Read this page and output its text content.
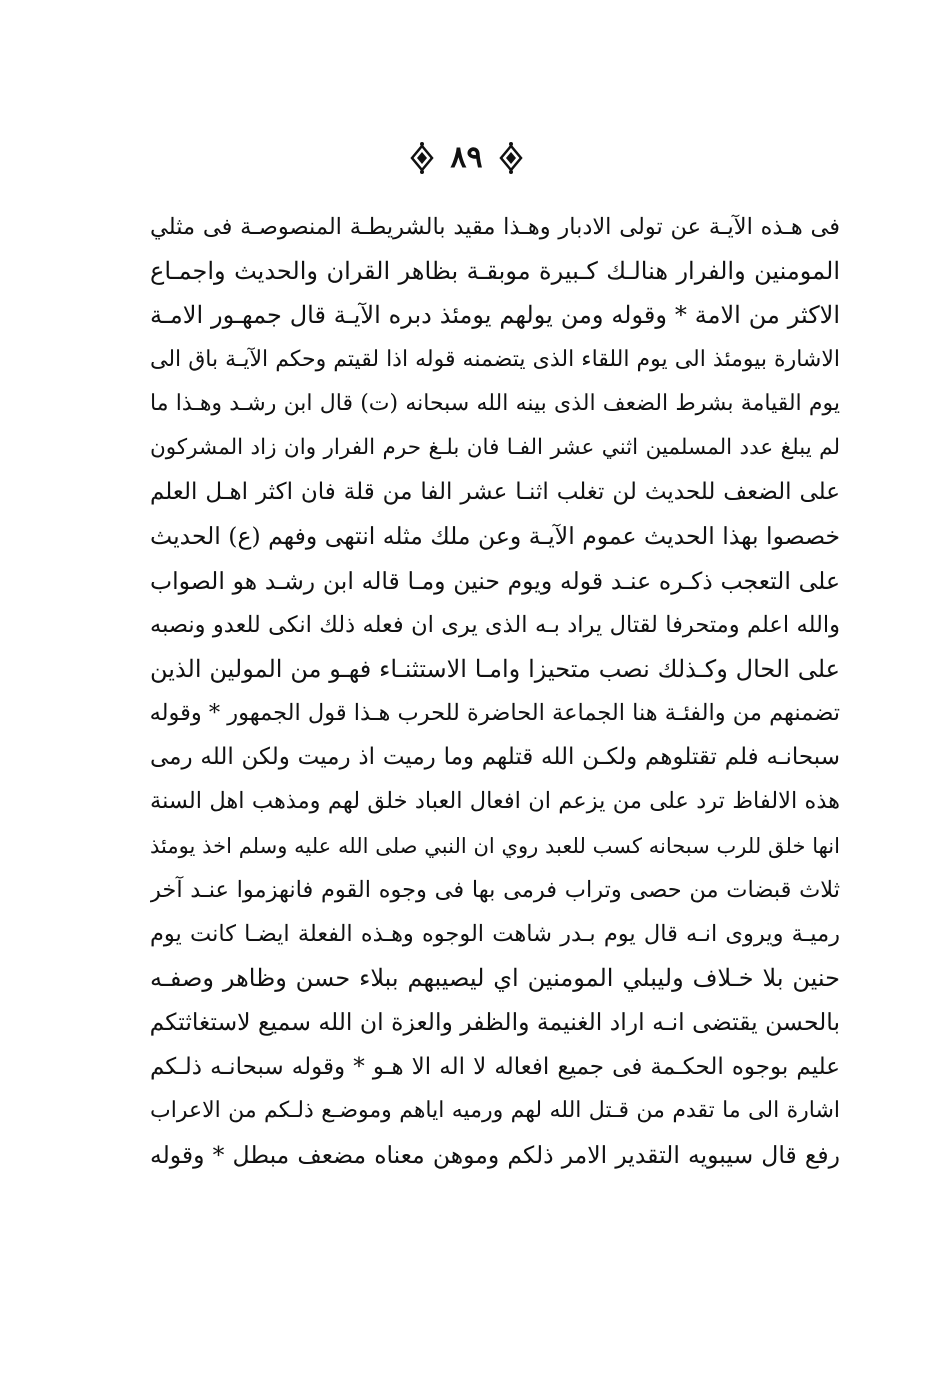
٨٩
فى هـذه الآيـة عن تولى الادبار وهـذا مقيد بالشريطـة المنصوصـة فى مثلي
المومنين والفرار هنالـك كـبيرة موبقـة بظاهر القران والحديث واجمـاع
الاكثر من الامة * وقوله ومن يولهم يومئذ دبره الآيـة قال جمهـور الامـة
الاشارة بيومئذ الى يوم اللقاء الذى يتضمنه قوله اذا لقيتم وحكم الآيـة باق الى
يوم القيامة بشرط الضعف الذى بينه الله سبحانه (ت) قال ابن رشـد وهـذا ما
لم يبلغ عدد المسلمين اثني عشر الفـا فان بلـغ حرم الفرار وان زاد المشركون
على الضعف للحديث لن تغلب اثنـا عشر الفا من قلة فان اكثر اهـل العلم
خصصوا بهذا الحديث عموم الآيـة وعن ملك مثله انتهى وفهم (ع) الحديث
على التعجب ذكـره عنـد قوله ويوم حنين ومـا قاله ابن رشـد هو الصواب
والله اعلم ومتحرفا لقتال يراد بـه الذى يرى ان فعله ذلك انكى للعدو ونصبه
على الحال وكـذلك نصب متحيزا وامـا الاستثنـاء فهـو من المولين الذين
تضمنهم من والفئـة هنا الجماعة الحاضرة للحرب هـذا قول الجمهور * وقوله
سبحانـه فلم تقتلوهم ولكـن الله قتلهم وما رميت اذ رميت ولكن الله رمى
هذه الالفاظ ترد على من يزعم ان افعال العباد خلق لهم ومذهب اهل السنة
انها خلق للرب سبحانه كسب للعبد روي ان النبي صلى الله عليه وسلم اخذ يومئذ
ثلاث قبضات من حصى وتراب فرمى بها فى وجوه القوم فانهزموا عنـد آخر
رميـة ويروى انـه قال يوم بـدر شاهت الوجوه وهـذه الفعلة ايضـا كانت يوم
حنين بلا خـلاف وليبلي المومنين اي ليصيبهم ببلاء حسن وظاهر وصفـه
بالحسن يقتضى انـه اراد الغنيمة والظفر والعزة ان الله سميع لاستغاثتكم
عليم بوجوه الحكـمة فى جميع افعاله لا اله الا هـو * وقوله سبحانـه ذلـكم
اشارة الى ما تقدم من قـتل الله لهم ورميه اياهم وموضـع ذلـكم من الاعراب
رفع قال سيبويه التقدير الامر ذلكم وموهن معناه مضعف مبطل * وقوله
